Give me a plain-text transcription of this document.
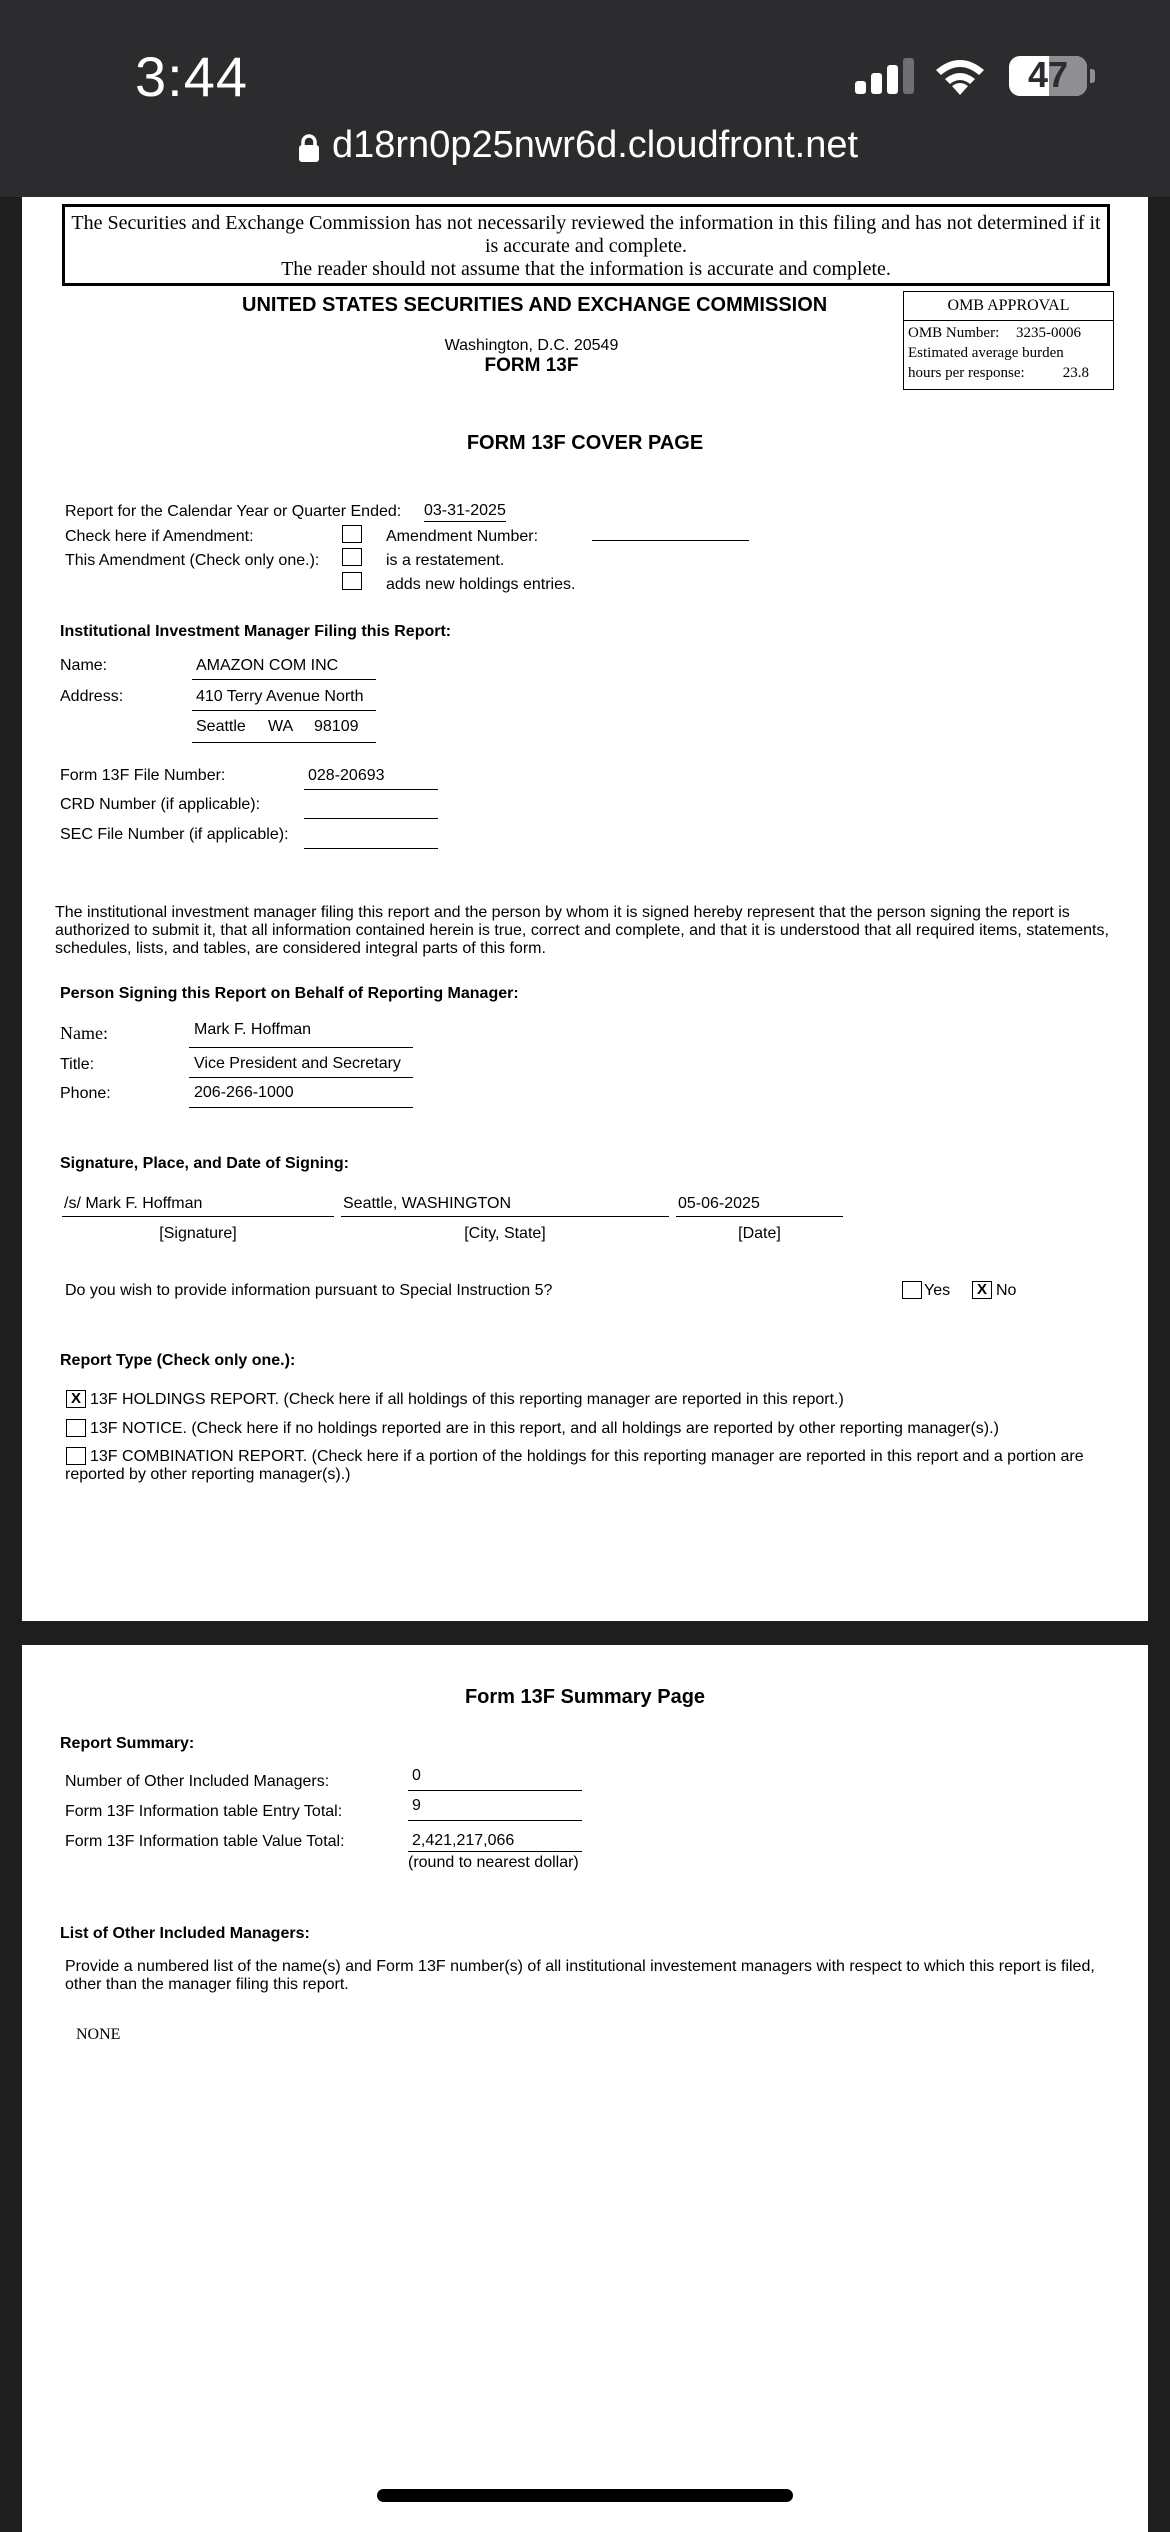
3:44	47
d18rn0p25nwr6d.cloudfront.net
The Securities and Exchange Commission has not necessarily reviewed the information in this filing and has not determined if it
is accurate and complete.
The reader should not assume that the information is accurate and complete.
UNITED STATES SECURITIES AND EXCHANGE COMMISSION
Washington, D.C. 20549
FORM 13F
OMB APPROVAL
OMB Number: 3235-0006
Estimated average burden
hours per response:	23.8
FORM 13F COVER PAGE
Report for the Calendar Year or Quarter Ended: 03-31-2025
Check here if Amendment:	Amendment Number:
This Amendment (Check only one.):	is a restatement.
adds new holdings entries.
Institutional Investment Manager Filing this Report:
Name:	AMAZON COM INC
Address:	410 Terry Avenue North
Seattle WA 98109
Form 13F File Number:	028-20693
CRD Number (if applicable):
SEC File Number (if applicable):
The institutional investment manager filing this report and the person by whom it is signed hereby represent that the person signing the report is authorized to submit it, that all information contained herein is true, correct and complete, and that it is understood that all required items, statements, schedules, lists, and tables, are considered integral parts of this form.
Person Signing this Report on Behalf of Reporting Manager:
Name:	Mark F. Hoffman
Title:	Vice President and Secretary
Phone:	206-266-1000
Signature, Place, and Date of Signing:
/s/ Mark F. Hoffman	Seattle, WASHINGTON	05-06-2025
[Signature]	[City, State]	[Date]
Do you wish to provide information pursuant to Special Instruction 5?	Yes	X No
Report Type (Check only one.):
X 13F HOLDINGS REPORT. (Check here if all holdings of this reporting manager are reported in this report.)
13F NOTICE. (Check here if no holdings reported are in this report, and all holdings are reported by other reporting manager(s).)
13F COMBINATION REPORT. (Check here if a portion of the holdings for this reporting manager are reported in this report and a portion are reported by other reporting manager(s).)
Form 13F Summary Page
Report Summary:
Number of Other Included Managers:	0
Form 13F Information table Entry Total:	9
Form 13F Information table Value Total:	2,421,217,066
(round to nearest dollar)
List of Other Included Managers:
Provide a numbered list of the name(s) and Form 13F number(s) of all institutional investement managers with respect to which this report is filed, other than the manager filing this report.
NONE
